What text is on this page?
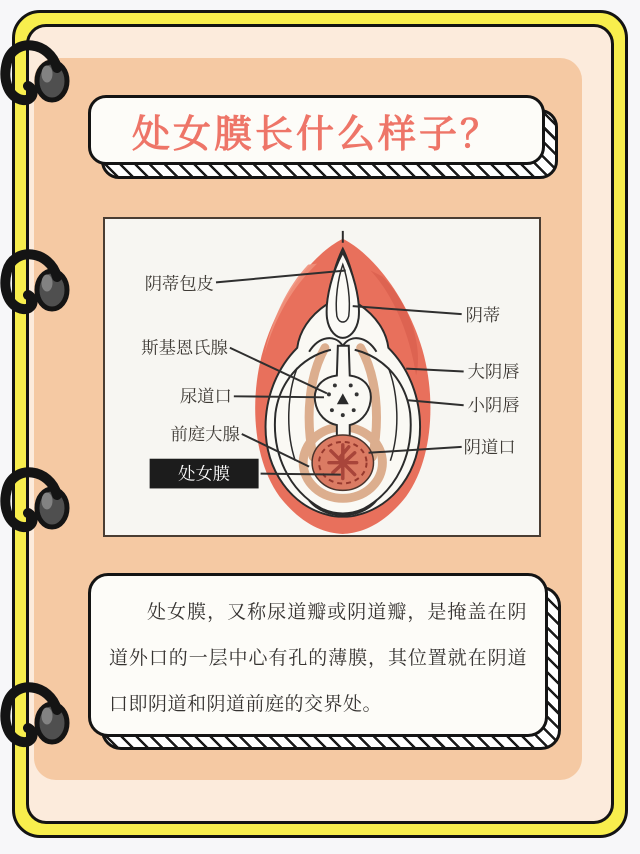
处女膜长什么样子？
阴蒂包皮
斯基恩氏腺
尿道口
前庭大腺
处女膜
阴蒂
大阴唇
小阴唇
阴道口

处女膜，又称尿道瓣或阴道瓣，是掩盖在阴道外口的一层中心有孔的薄膜，其位置就在阴道口即阴道和阴道前庭的交界处。
